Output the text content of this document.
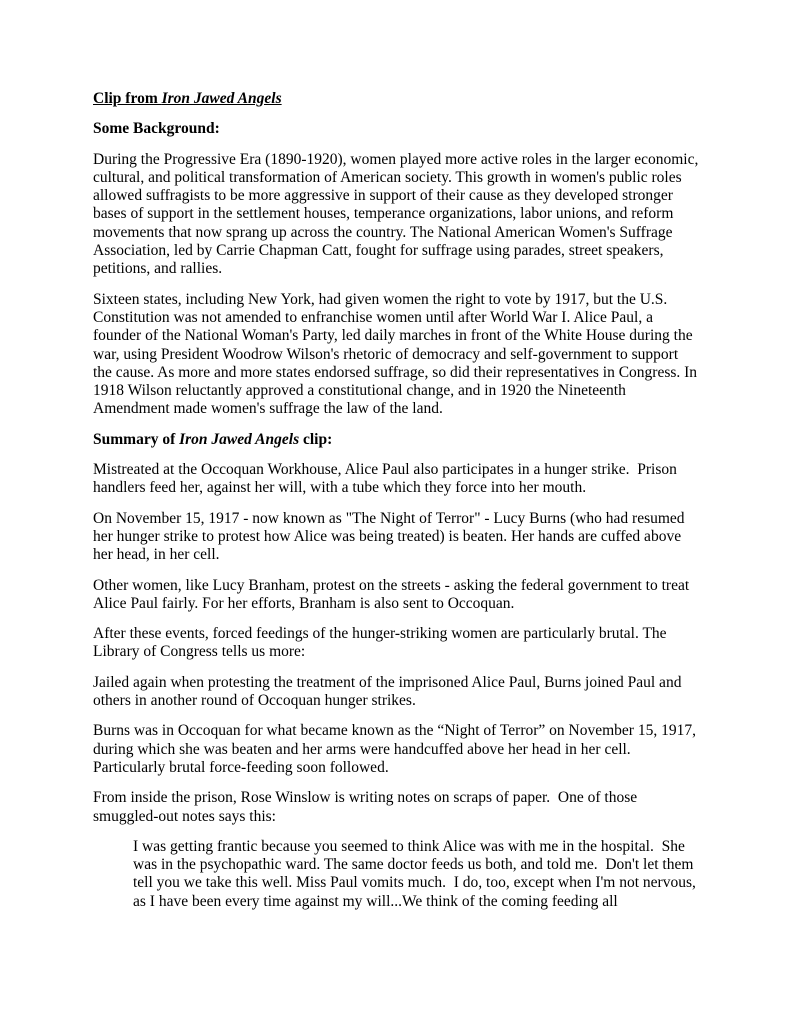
Clip from Iron Jawed Angels
Some Background:

During the Progressive Era (1890-1920), women played more active roles in the larger economic, cultural, and political transformation of American society. This growth in women's public roles allowed suffragists to be more aggressive in support of their cause as they developed stronger bases of support in the settlement houses, temperance organizations, labor unions, and reform movements that now sprang up across the country. The National American Women's Suffrage Association, led by Carrie Chapman Catt, fought for suffrage using parades, street speakers, petitions, and rallies.

Sixteen states, including New York, had given women the right to vote by 1917, but the U.S. Constitution was not amended to enfranchise women until after World War I. Alice Paul, a founder of the National Woman's Party, led daily marches in front of the White House during the war, using President Woodrow Wilson's rhetoric of democracy and self-government to support the cause. As more and more states endorsed suffrage, so did their representatives in Congress. In 1918 Wilson reluctantly approved a constitutional change, and in 1920 the Nineteenth Amendment made women's suffrage the law of the land.

Summary of Iron Jawed Angels clip:

Mistreated at the Occoquan Workhouse, Alice Paul also participates in a hunger strike.  Prison handlers feed her, against her will, with a tube which they force into her mouth.

On November 15, 1917 - now known as "The Night of Terror" - Lucy Burns (who had resumed her hunger strike to protest how Alice was being treated) is beaten. Her hands are cuffed above her head, in her cell.

Other women, like Lucy Branham, protest on the streets - asking the federal government to treat Alice Paul fairly. For her efforts, Branham is also sent to Occoquan.

After these events, forced feedings of the hunger-striking women are particularly brutal. The Library of Congress tells us more:

Jailed again when protesting the treatment of the imprisoned Alice Paul, Burns joined Paul and others in another round of Occoquan hunger strikes.

Burns was in Occoquan for what became known as the “Night of Terror” on November 15, 1917, during which she was beaten and her arms were handcuffed above her head in her cell. Particularly brutal force-feeding soon followed.

From inside the prison, Rose Winslow is writing notes on scraps of paper.  One of those smuggled-out notes says this:

I was getting frantic because you seemed to think Alice was with me in the hospital.  She was in the psychopathic ward. The same doctor feeds us both, and told me.  Don't let them tell you we take this well. Miss Paul vomits much.  I do, too, except when I'm not nervous, as I have been every time against my will...We think of the coming feeding all
